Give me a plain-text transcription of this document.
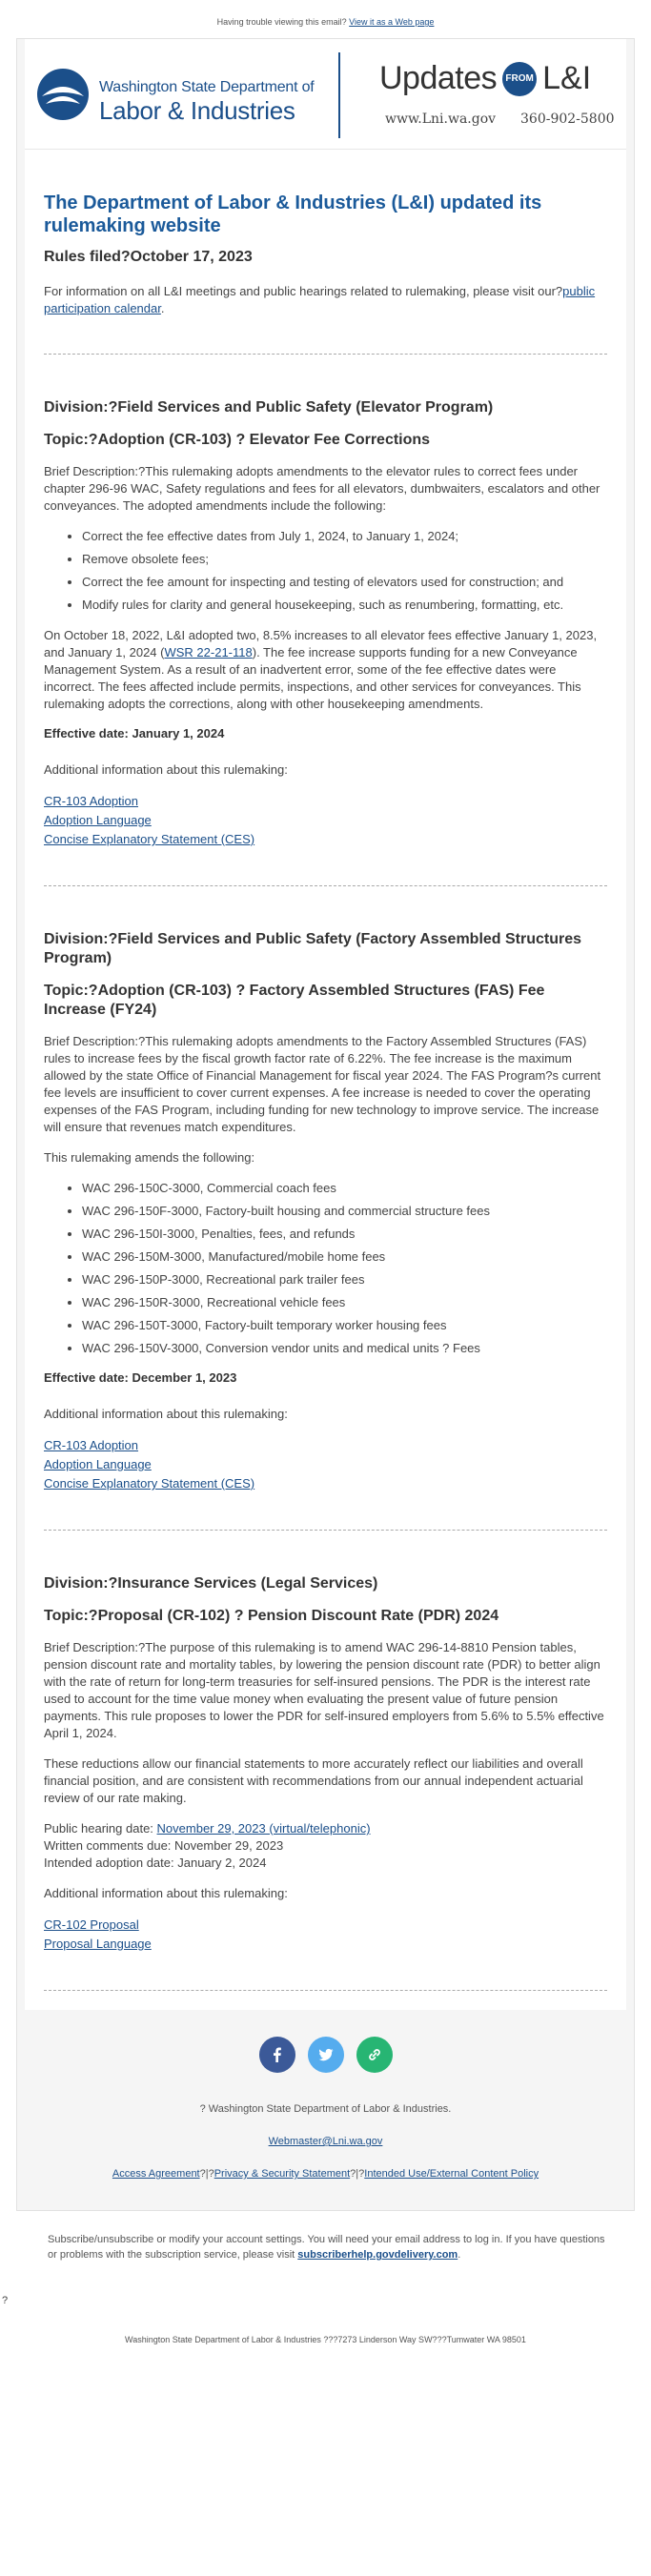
Having trouble viewing this email? View it as a Web page
Washington State Department of
Labor & Industries
Updates FROM L&I
www.Lni.wa.gov 360-902-5800
The Department of Labor & Industries (L&I) updated its rulemaking website
Rules filed?October 17, 2023

For information on all L&I meetings and public hearings related to rulemaking, please visit our?public participation calendar.

Division:?Field Services and Public Safety (Elevator Program)
Topic:?Adoption (CR-103) ? Elevator Fee Corrections

Brief Description:?This rulemaking adopts amendments to the elevator rules to correct fees under chapter 296-96 WAC, Safety regulations and fees for all elevators, dumbwaiters, escalators and other conveyances. The adopted amendments include the following:

• Correct the fee effective dates from July 1, 2024, to January 1, 2024;
• Remove obsolete fees;
• Correct the fee amount for inspecting and testing of elevators used for construction; and
• Modify rules for clarity and general housekeeping, such as renumbering, formatting, etc.

On October 18, 2022, L&I adopted two, 8.5% increases to all elevator fees effective January 1, 2023, and January 1, 2024 (WSR 22-21-118). The fee increase supports funding for a new Conveyance Management System. As a result of an inadvertent error, some of the fee effective dates were incorrect. The fees affected include permits, inspections, and other services for conveyances. This rulemaking adopts the corrections, along with other housekeeping amendments.

Effective date: January 1, 2024

Additional information about this rulemaking:

CR-103 Adoption
Adoption Language
Concise Explanatory Statement (CES)
Division:?Field Services and Public Safety (Factory Assembled Structures Program)
Topic:?Adoption (CR-103) ? Factory Assembled Structures (FAS) Fee Increase (FY24)

Brief Description:?This rulemaking adopts amendments to the Factory Assembled Structures (FAS) rules to increase fees by the fiscal growth factor rate of 6.22%. The fee increase is the maximum allowed by the state Office of Financial Management for fiscal year 2024. The FAS Program?s current fee levels are insufficient to cover current expenses. A fee increase is needed to cover the operating expenses of the FAS Program, including funding for new technology to improve service. The increase will ensure that revenues match expenditures.

This rulemaking amends the following:

• WAC 296-150C-3000, Commercial coach fees
• WAC 296-150F-3000, Factory-built housing and commercial structure fees
• WAC 296-150I-3000, Penalties, fees, and refunds
• WAC 296-150M-3000, Manufactured/mobile home fees
• WAC 296-150P-3000, Recreational park trailer fees
• WAC 296-150R-3000, Recreational vehicle fees
• WAC 296-150T-3000, Factory-built temporary worker housing fees
• WAC 296-150V-3000, Conversion vendor units and medical units ? Fees
Effective date: December 1, 2023

Additional information about this rulemaking:

CR-103 Adoption
Adoption Language
Concise Explanatory Statement (CES)
Division:?Insurance Services (Legal Services)
Topic:?Proposal (CR-102) ? Pension Discount Rate (PDR) 2024

Brief Description:?The purpose of this rulemaking is to amend WAC 296-14-8810 Pension tables, pension discount rate and mortality tables, by lowering the pension discount rate (PDR) to better align with the rate of return for long-term treasuries for self-insured pensions. The PDR is the interest rate used to account for the time value money when evaluating the present value of future pension payments. This rule proposes to lower the PDR for self-insured employers from 5.6% to 5.5% effective April 1, 2024.

These reductions allow our financial statements to more accurately reflect our liabilities and overall financial position, and are consistent with recommendations from our annual independent actuarial review of our rate making.

Public hearing date: November 29, 2023 (virtual/telephonic)
Written comments due: November 29, 2023
Intended adoption date: January 2, 2024

Additional information about this rulemaking:

CR-102 Proposal
Proposal Language
? Washington State Department of Labor & Industries.
Webmaster@Lni.wa.gov
Access Agreement?|?Privacy & Security Statement?|?Intended Use/External Content Policy
Subscribe/unsubscribe or modify your account settings. You will need your email address to log in. If you have questions or problems with the subscription service, please visit subscriberhelp.govdelivery.com.
?
Washington State Department of Labor & Industries ???7273 Linderson Way SW???Tumwater WA 98501
